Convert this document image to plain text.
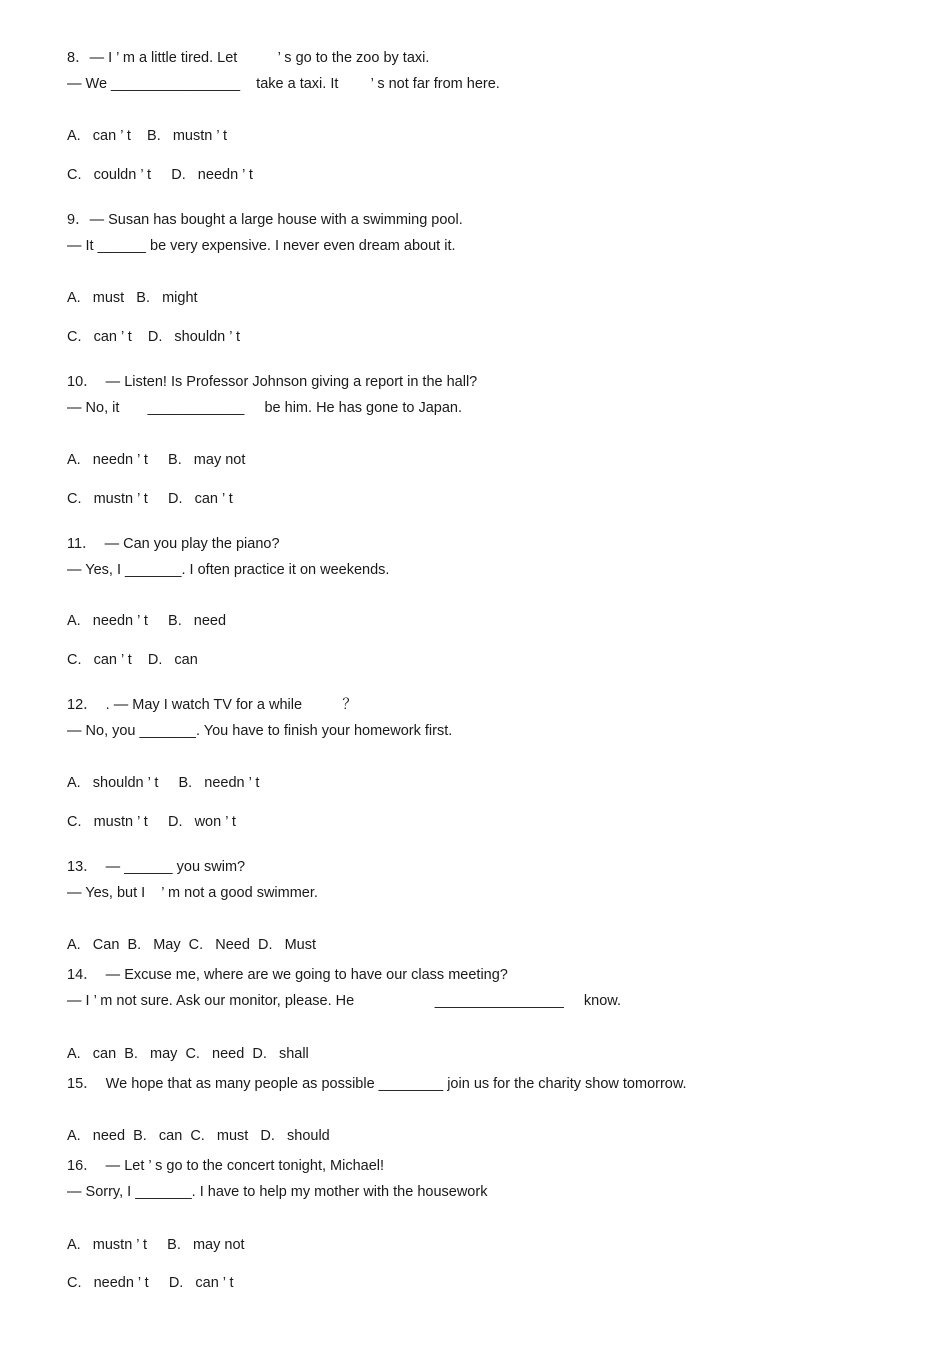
8．— I ’ m a little tired. Let          ’ s go to the zoo by taxi.
— We ________________    take a taxi. It        ’ s not far from here.
A.   can ’ t    B.   mustn ’ t
C.   couldn ’ t     D.   needn ’ t
9．— Susan has bought a large house with a swimming pool.
— It ______ be very expensive. I never even dream about it.
A.   must   B.   might
C.   can ’ t    D.   shouldn ’ t
10．  — Listen! Is Professor Johnson giving a report in the hall?
— No, it       ____________     be him. He has gone to Japan.
A.   needn ’ t     B.   may not
C.   mustn ’ t     D.   can ’ t
11．  — Can you play the piano?
— Yes, I _______. I often practice it on weekends.
A.   needn ’ t     B.   need
C.   can ’ t    D.   can
12．  . — May I watch TV for a while          ？
— No, you _______. You have to finish your homework first.
A.   shouldn ’ t     B.   needn ’ t
C.   mustn ’ t     D.   won ’ t
13．  — ______ you swim?
— Yes, but I    ’ m not a good swimmer.
A.   Can  B.   May  C.   Need  D.   Must
14．  — Excuse me, where are we going to have our class meeting?
— I ’ m not sure. Ask our monitor, please. He                    ________________     know.
A.   can  B.   may  C.   need  D.   shall
15．  We hope that as many people as possible ________ join us for the charity show tomorrow.
A.   need  B.   can  C.   must   D.   should
16．  — Let ’ s go to the concert tonight, Michael!
— Sorry, I _______. I have to help my mother with the housework
A.   mustn ’ t     B.   may not
C.   needn ’ t     D.   can ’ t
